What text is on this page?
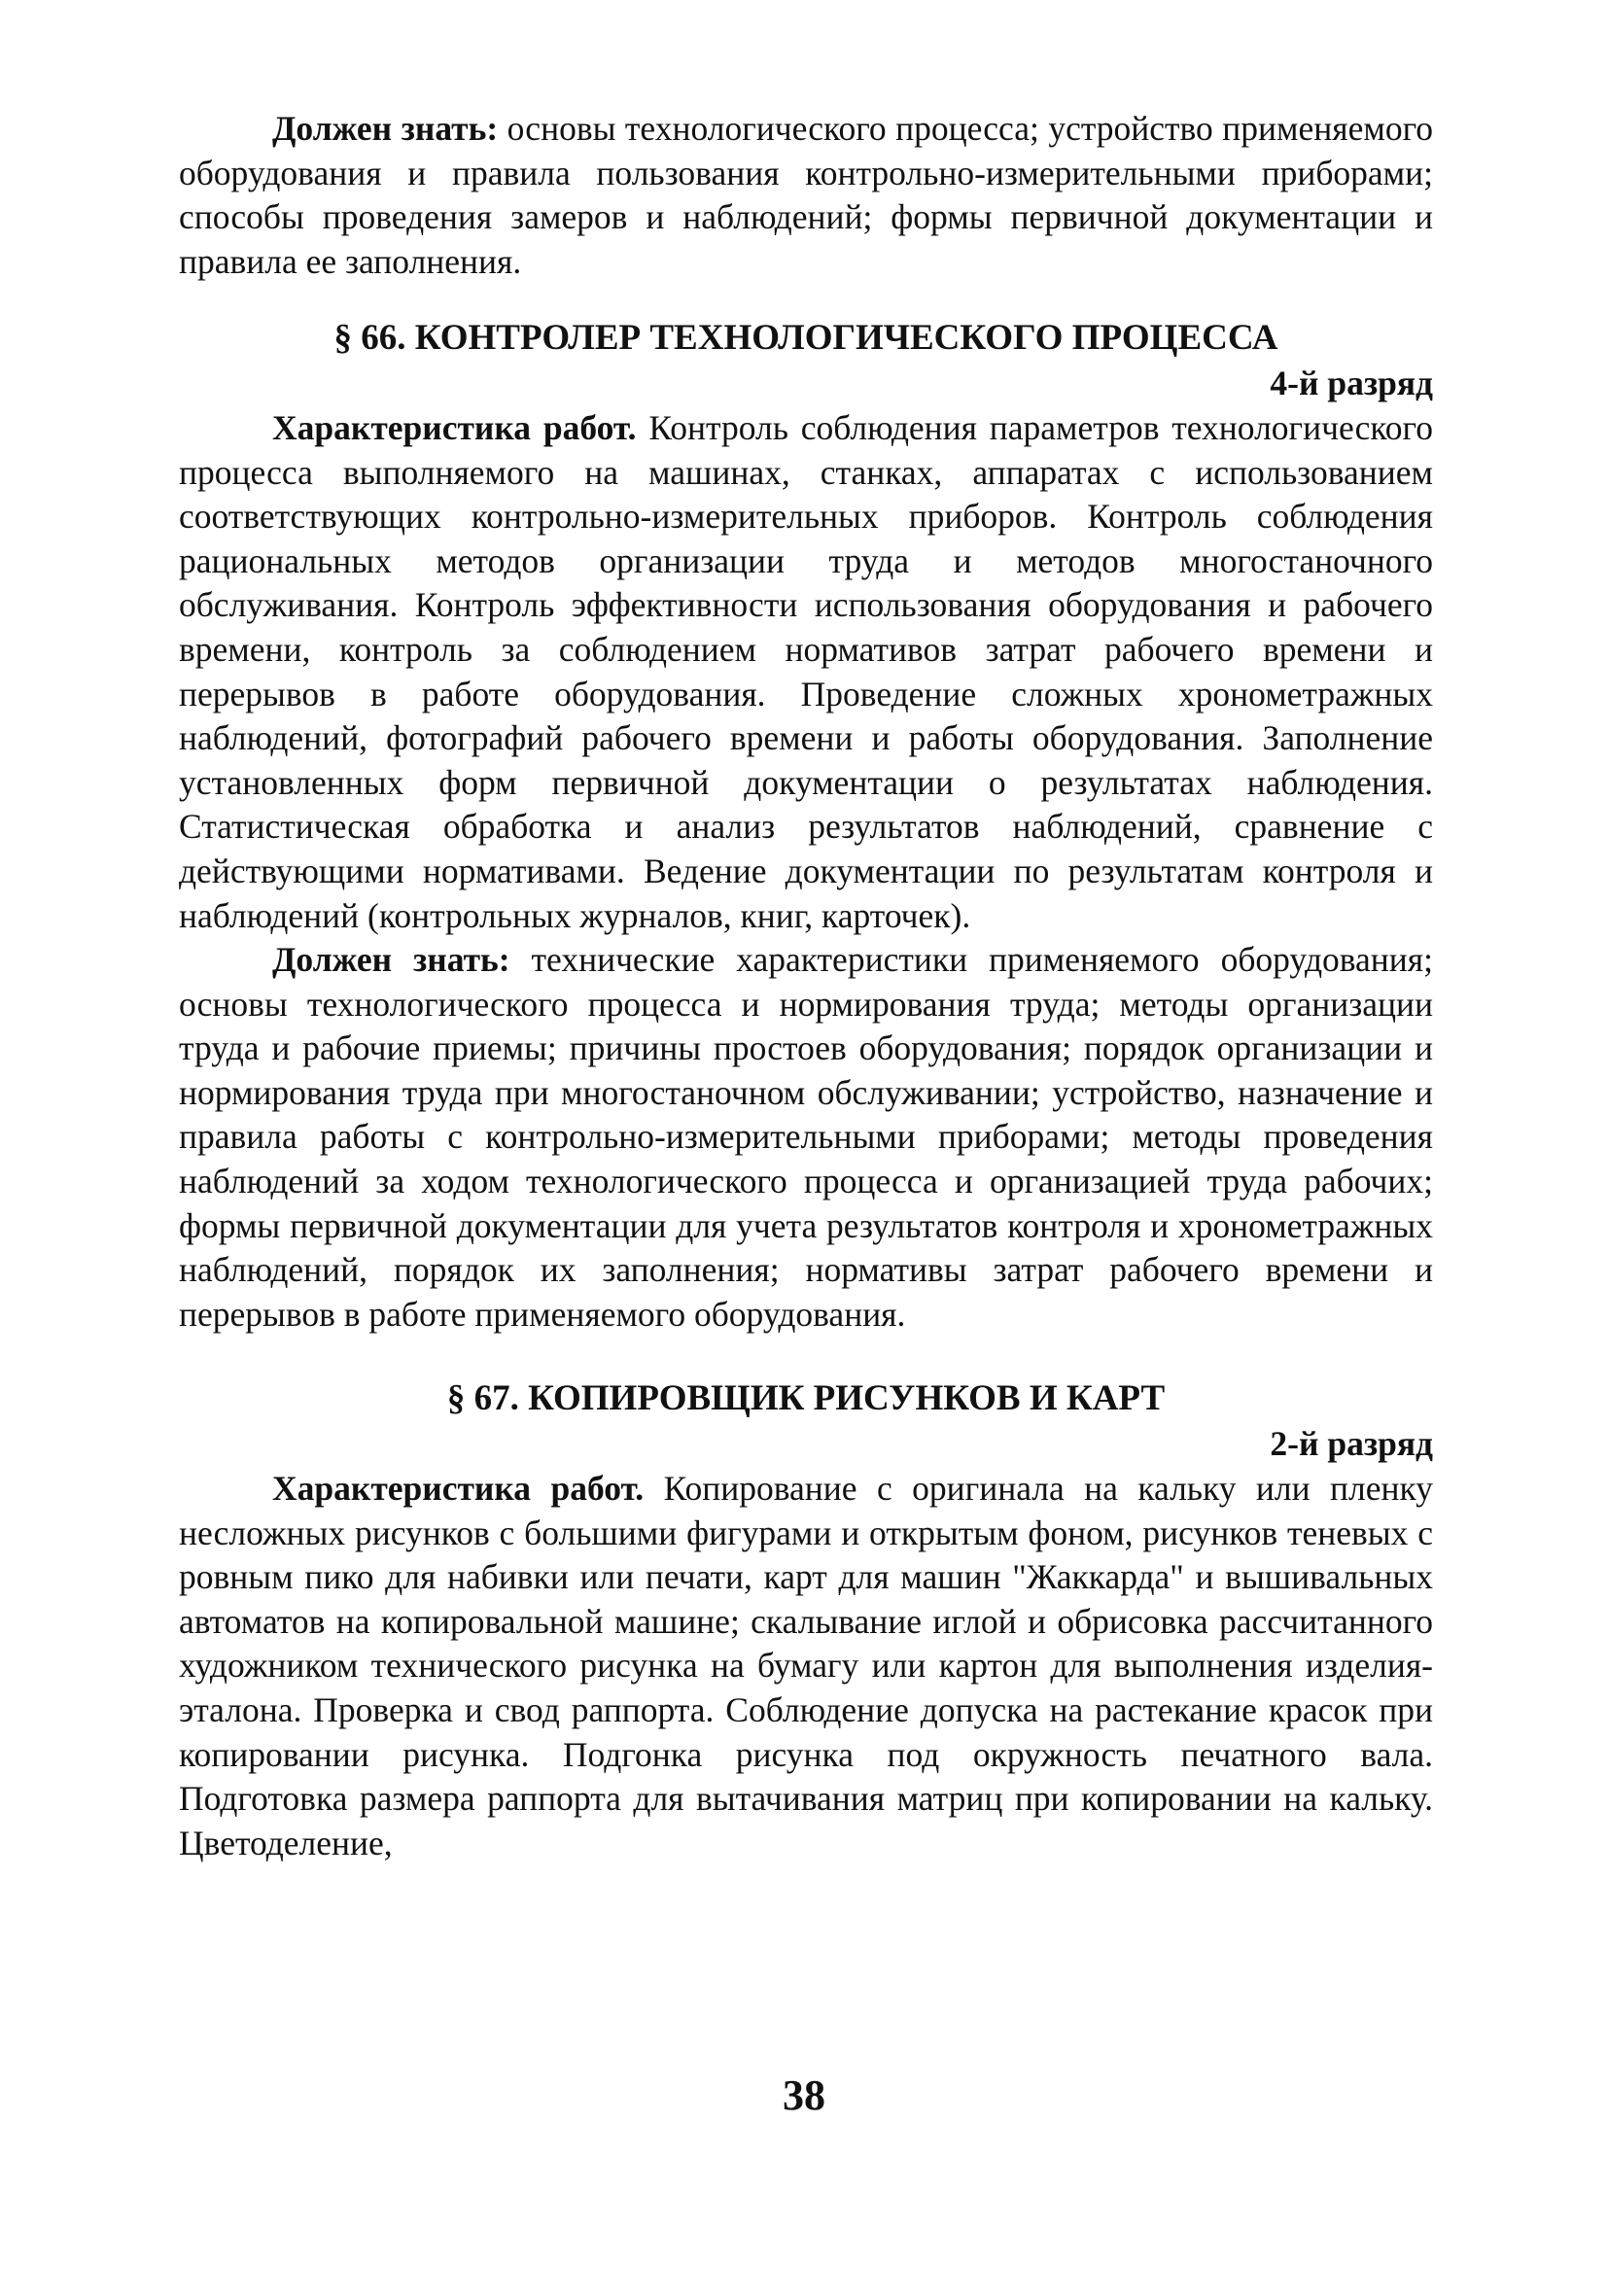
Должен знать: основы технологического процесса; устройство применяемого оборудования и правила пользования контрольно-измерительными приборами; способы проведения замеров и наблюдений; формы первичной документации и правила ее заполнения.

§ 66. КОНТРОЛЕР ТЕХНОЛОГИЧЕСКОГО ПРОЦЕССА

4-й разряд

Характеристика работ. Контроль соблюдения параметров технологического процесса выполняемого на машинах, станках, аппаратах с использованием соответствующих контрольно-измерительных приборов. Контроль соблюдения рациональных методов организации труда и методов многостаночного обслуживания. Контроль эффективности использования оборудования и рабочего времени, контроль за соблюдением нормативов затрат рабочего времени и перерывов в работе оборудования. Проведение сложных хронометражных наблюдений, фотографий рабочего времени и работы оборудования. Заполнение установленных форм первичной документации о результатах наблюдения. Статистическая обработка и анализ результатов наблюдений, сравнение с действующими нормативами. Ведение документации по результатам контроля и наблюдений (контрольных журналов, книг, карточек).

Должен знать: технические характеристики применяемого оборудования; основы технологического процесса и нормирования труда; методы организации труда и рабочие приемы; причины простоев оборудования; порядок организации и нормирования труда при многостаночном обслуживании; устройство, назначение и правила работы с контрольно-измерительными приборами; методы проведения наблюдений за ходом технологического процесса и организацией труда рабочих; формы первичной документации для учета результатов контроля и хронометражных наблюдений, порядок их заполнения; нормативы затрат рабочего времени и перерывов в работе применяемого оборудования.

§ 67. КОПИРОВЩИК РИСУНКОВ И КАРТ

2-й разряд

Характеристика работ. Копирование с оригинала на кальку или пленку несложных рисунков с большими фигурами и открытым фоном, рисунков теневых с ровным пико для набивки или печати, карт для машин "Жаккарда" и вышивальных автоматов на копировальной машине; скалывание иглой и обрисовка рассчитанного художником технического рисунка на бумагу или картон для выполнения изделия-эталона. Проверка и свод раппорта. Соблюдение допуска на растекание красок при копировании рисунка. Подгонка рисунка под окружность печатного вала. Подготовка размера раппорта для вытачивания матриц при копировании на кальку. Цветоделение,

38
